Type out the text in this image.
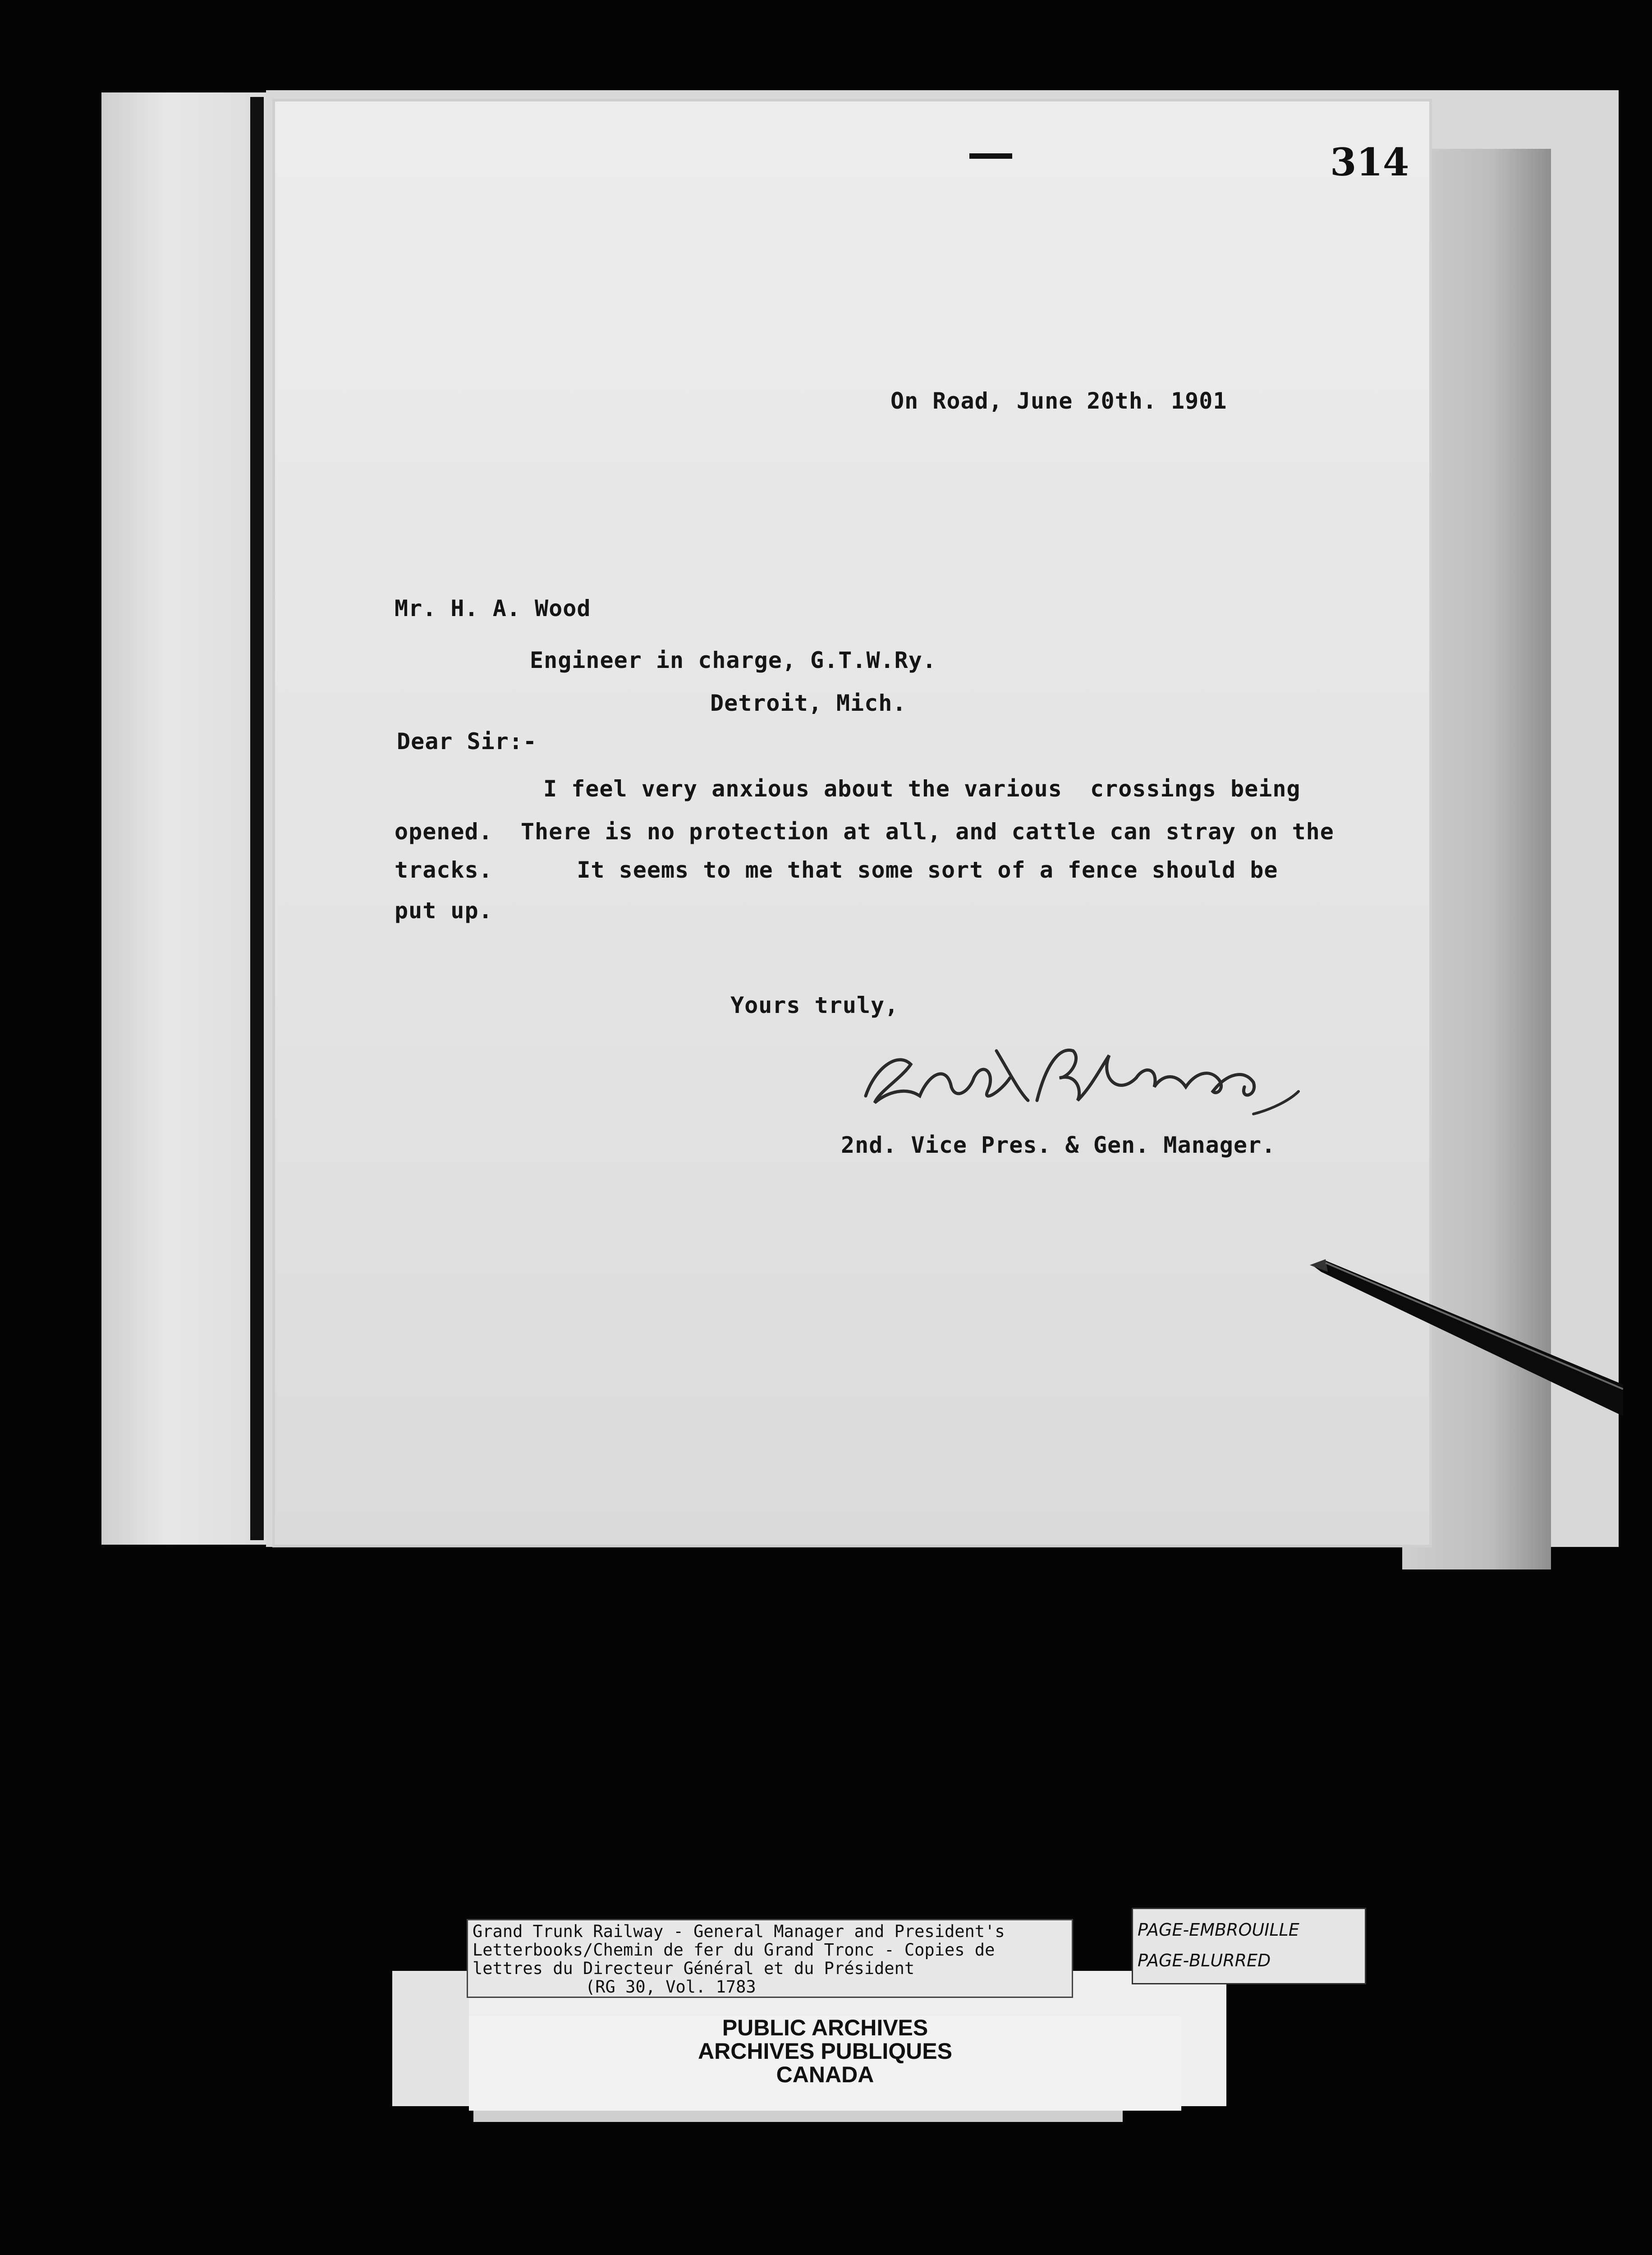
314
On Road, June 20th. 1901
Mr. H. A. Wood
Engineer in charge, G.T.W.Ry.
Detroit, Mich.
Dear Sir:-
I feel very anxious about the various  crossings being
opened.  There is no protection at all, and cattle can stray on the
tracks.      It seems to me that some sort of a fence should be
put up.
Yours truly,
2nd. Vice Pres. & Gen. Manager.
Grand Trunk Railway - General Manager and President's
Letterbooks/Chemin de fer du Grand Tronc - Copies de
lettres du Directeur Général et du Président
(RG 30, Vol. 1783
PUBLIC ARCHIVES
ARCHIVES PUBLIQUES
CANADA
PAGE-EMBROUILLE
PAGE-BLURRED
